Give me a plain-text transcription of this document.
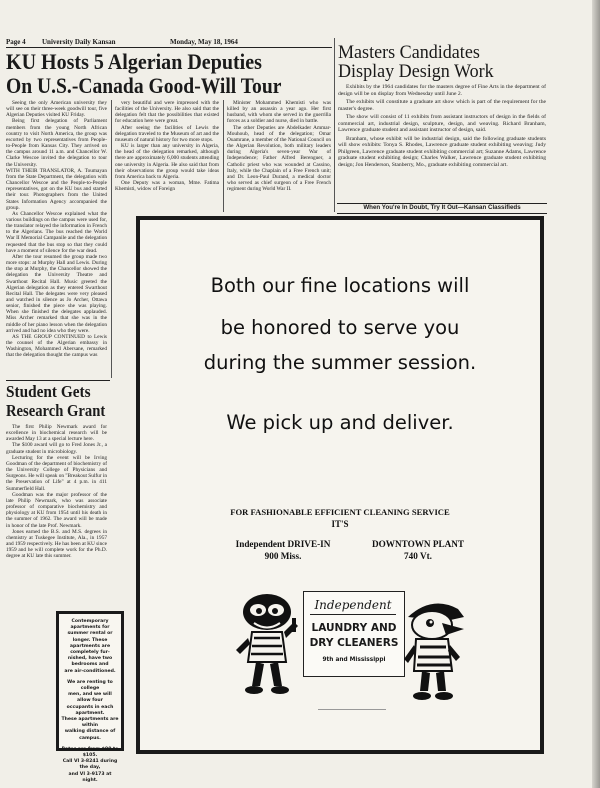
Page 4 University Daily Kansan	Monday, May 18, 1964
KU Hosts 5 Algerian Deputies
On U.S.-Canada Good-Will Tour

Seeing the only American university they will see on their three-week goodwill tour, five Algerian Deputies visited KU Friday.

Being first delegation of Parliament members from the young North African country to visit North America, the group was escorted by two representatives from People-to-People from Kansas City. They arrived on the campus around 11 a.m. and Chancellor W. Clarke Wescoe invited the delegation to tour the University.

WITH THEIR TRANSLATOR, A. Toumayan from the State Department, the delegation with Chancellor Wescoe and the People-to-People representatives, got on the KU bus and started their tour. Photographers from the United States Information Agency accompanied the group.

As Chancellor Wescoe explained what the various buildings on the campus were used for, the translator relayed the information in French to the Algerians. The bus reached the World War II Memorial Campanile and the delegation requested that the bus stop so that they could have a moment of silence for the war dead.

After the tour resumed the group made two more stops: at Murphy Hall and Lewis. During the stop at Murphy, the Chancellor showed the delegation the University Theatre and Swarthout Recital Hall. Music greeted the Algerian delegation as they entered Swarthout Recital Hall. The delegates were very pleased and watched in silence as Jo Archer, Ottawa senior, finished the piece she was playing. When she finished the delegates applauded. Miss Archer remarked that she was in the middle of her piano lesson when the delegation arrived and had no idea who they were.

AS THE GROUP CONTINUED to Lewis the counsel of the Algerian embassy in Washington, Mohammed Abersane, remarked that the delegation thought the campus was

very beautiful and were impressed with the facilities of the University. He also said that the delegation felt that the possibilities that existed for education here were great.

After seeing the facilities of Lewis the delegation traveled to the Museum of art and the museum of natural history for two more stops.

KU is larger than any university in Algeria, the head of the delegation remarked, although there are approximately 6,000 students attending one university in Algeria. He also said that from their observations the group would take ideas from America back to Algeria.

One Deputy was a woman, Mme. Fatima Khemisti, widow of Foreign

Minister Mohammed Khemisti who was killed by an assassin a year ago. Her first husband, with whom she served in the guerrilla forces as a soldier and nurse, died in battle.

The other Deputies are Abdelkader Ammar-Mouhoub, head of the delegation; Omar Ouamrane, a member of the National Council on the Algerian Revolution, both military leaders during Algeria's seven-year War of Independence; Father Alfred Berenguer, a Catholic priest who was wounded at Cassino, Italy, while the Chaplain of a Free French unit; and Dr. Leon-Paul Durand, a medical doctor who served as chief surgeon of a Free French regiment during World War II.

Student Gets
Research Grant

The first Philip Newmark award for excellence in biochemical research will be awarded May 13 at a special lecture here.

The $100 award will go to Fred Jones Jr., a graduate student in microbiology.

Lecturing for the event will be Irving Goodman of the department of biochemistry of the University College of Physicians and Surgeons. He will speak on "Breakout Sulfur in the Preservation of Life" at 4 p.m. in 411 Summerfield Hall.

Goodman was the major professor of the late Philip Newmark, who was associate professor of comparative biochemistry and physiology at KU from 1954 until his death in the summer of 1962. The award will be made in honor of the late Prof. Newmark.

Jones earned the B.S. and M.S. degrees in chemistry at Tuskegee Institute, Ala., in 1957 and 1959 respectively. He has been at KU since 1959 and he will complete work for the Ph.D. degree at KU late this summer.

Contemporary apartments for

summer rental or longer. These

apartments are completely fur-

nished, have two bedrooms and

are air-conditioned.

We are renting to college

men, and we will allow four

occupants in each apartment.

These apartments are within

walking distance of campus.

Rates are from $90 to $105.

Call VI 3-8241 during the day,

and VI 3-9173 at night.

Masters Candidates
Display Design Work

Exhibits by the 1964 candidates for the masters degree of Fine Arts in the department of design will be on display from Wednesday until June 2.

The exhibits will constitute a graduate art show which is part of the requirement for the master's degree.

The show will consist of 11 exhibits from assistant instructors of design in the fields of commercial art, industrial design, sculpture, design, and weaving. Richard Branham, Lawrence graduate student and assistant instructor of design, said.

Branham, whose exhibit will be industrial design, said the following graduate students will show exhibits: Tonya S. Rhodes, Lawrence graduate student exhibiting weaving; Judy Philgreen, Lawrence graduate student exhibiting commercial art; Suzanne Adams, Lawrence graduate student exhibiting design; Charles Walker, Lawrence graduate student exhibiting design; Jon Henderson, Stanberry, Mo., graduate exhibiting commercial art.

When You're In Doubt, Try It Out—Kansan Classifieds
Both our fine locations will
be honored to serve you
during the summer session.
We pick up and deliver.
FOR FASHIONABLE EFFICIENT CLEANING SERVICE
IT'S
Independent DRIVE-IN
900 Miss.
DOWNTOWN PLANT
740 Vt.
Independent
LAUNDRY AND
DRY CLEANERS
9th and Mississippi
